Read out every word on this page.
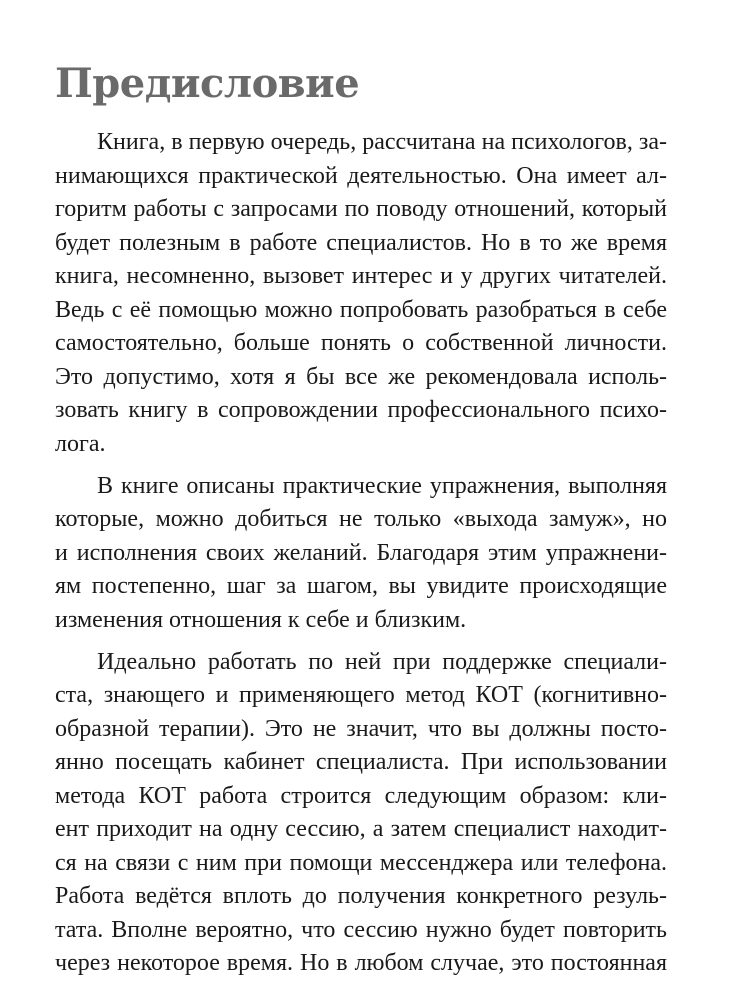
Предисловие

Книга, в первую очередь, рассчитана на психологов, за-
нимающихся практической деятельностью. Она имеет ал-
горитм работы с запросами по поводу отношений, который
будет полезным в работе специалистов. Но в то же время
книга, несомненно, вызовет интерес и у других читателей.
Ведь с её помощью можно попробовать разобраться в себе
самостоятельно, больше понять о собственной личности.
Это допустимо, хотя я бы все же рекомендовала исполь-
зовать книгу в сопровождении профессионального психо-
лога.

В книге описаны практические упражнения, выполняя
которые, можно добиться не только «выхода замуж», но
и исполнения своих желаний. Благодаря этим упражнени-
ям постепенно, шаг за шагом, вы увидите происходящие
изменения отношения к себе и близким.

Идеально работать по ней при поддержке специали-
ста, знающего и применяющего метод КОТ (когнитивно-
образной терапии). Это не значит, что вы должны посто-
янно посещать кабинет специалиста. При использовании
метода КОТ работа строится следующим образом: кли-
ент приходит на одну сессию, а затем специалист находит-
ся на связи с ним при помощи мессенджера или телефона.
Работа ведётся вплоть до получения конкретного резуль-
тата. Вполне вероятно, что сессию нужно будет повторить
через некоторое время. Но в любом случае, это постоянная
